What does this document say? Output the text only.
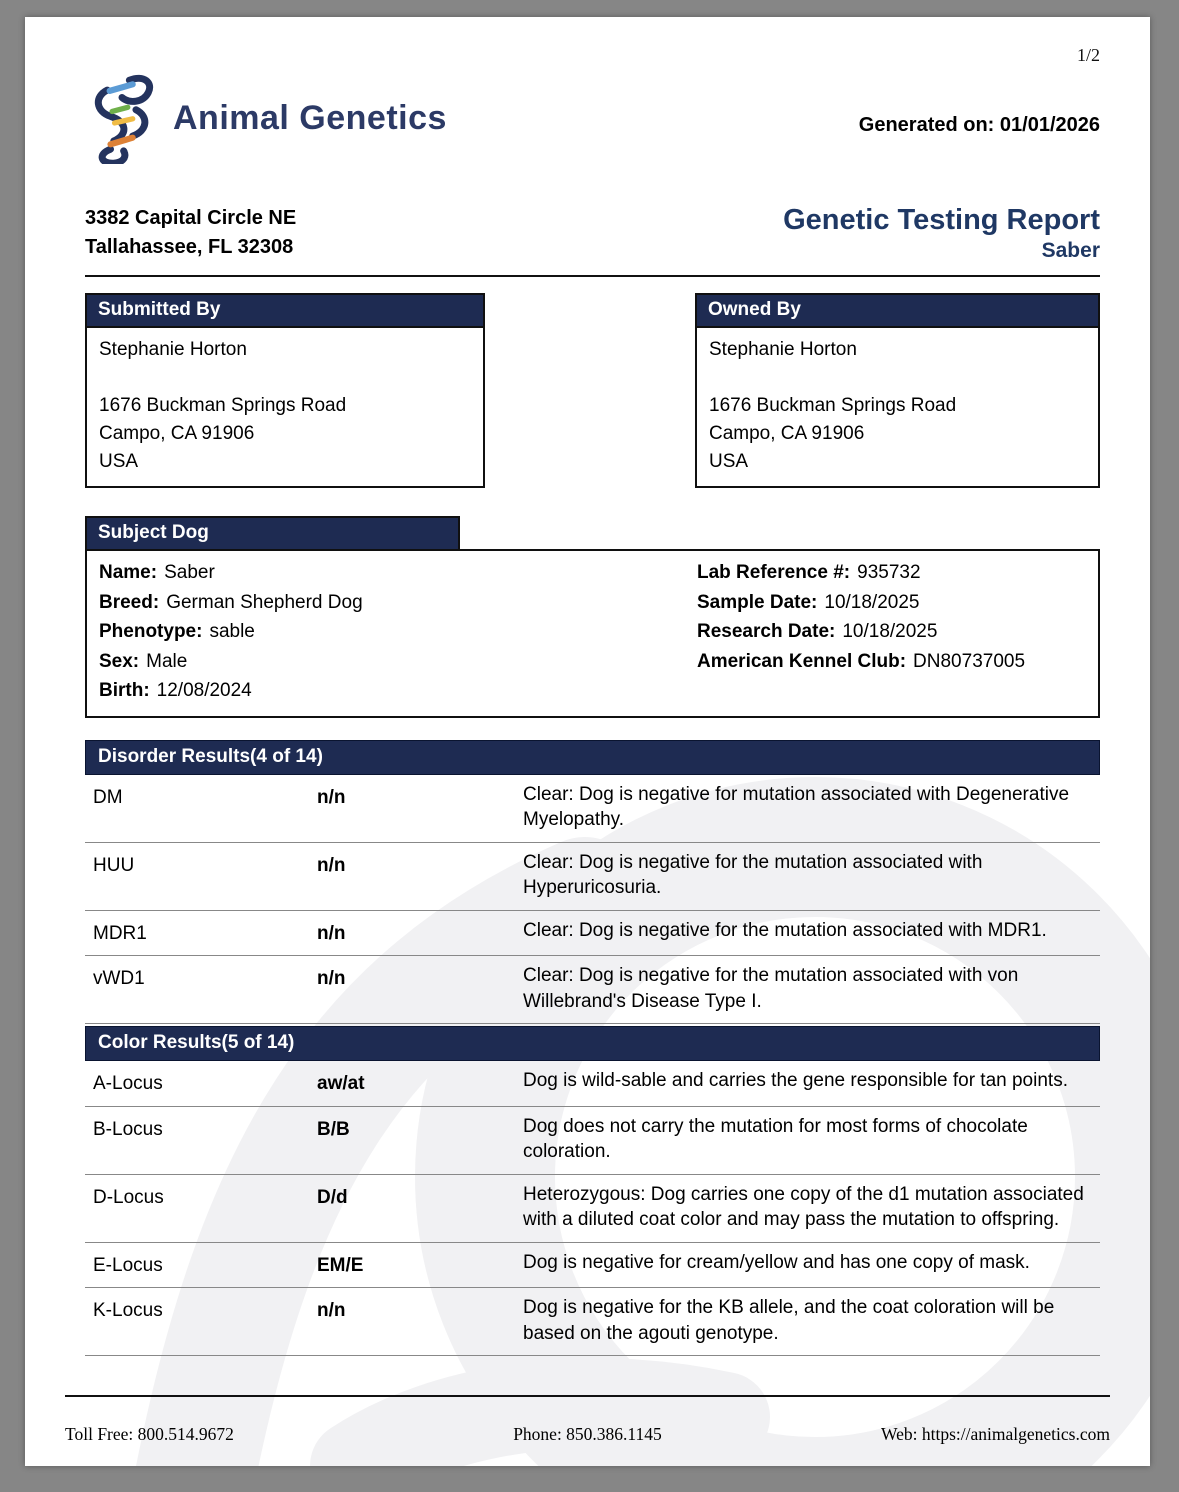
1/2
Animal Genetics	Generated on: 01/01/2026
3382 Capital Circle NE
Tallahassee, FL 32308
Genetic Testing Report
Saber
Submitted By
Stephanie Horton
1676 Buckman Springs Road
Campo, CA 91906
USA
Owned By
Stephanie Horton
1676 Buckman Springs Road
Campo, CA 91906
USA
Subject Dog
Name: Saber
Breed: German Shepherd Dog
Phenotype: sable
Sex: Male
Birth: 12/08/2024
Lab Reference #: 935732
Sample Date: 10/18/2025
Research Date: 10/18/2025
American Kennel Club: DN80737005
Disorder Results(4 of 14)
DM	n/n	Clear: Dog is negative for mutation associated with Degenerative Myelopathy.
HUU	n/n	Clear: Dog is negative for the mutation associated with Hyperuricosuria.
MDR1	n/n	Clear: Dog is negative for the mutation associated with MDR1.
vWD1	n/n	Clear: Dog is negative for the mutation associated with von Willebrand's Disease Type I.
Color Results(5 of 14)
A-Locus	aw/at	Dog is wild-sable and carries the gene responsible for tan points.
B-Locus	B/B	Dog does not carry the mutation for most forms of chocolate coloration.
D-Locus	D/d	Heterozygous: Dog carries one copy of the d1 mutation associated with a diluted coat color and may pass the mutation to offspring.
E-Locus	EM/E	Dog is negative for cream/yellow and has one copy of mask.
K-Locus	n/n	Dog is negative for the KB allele, and the coat coloration will be based on the agouti genotype.
Toll Free: 800.514.9672	Phone: 850.386.1145	Web: https://animalgenetics.com
